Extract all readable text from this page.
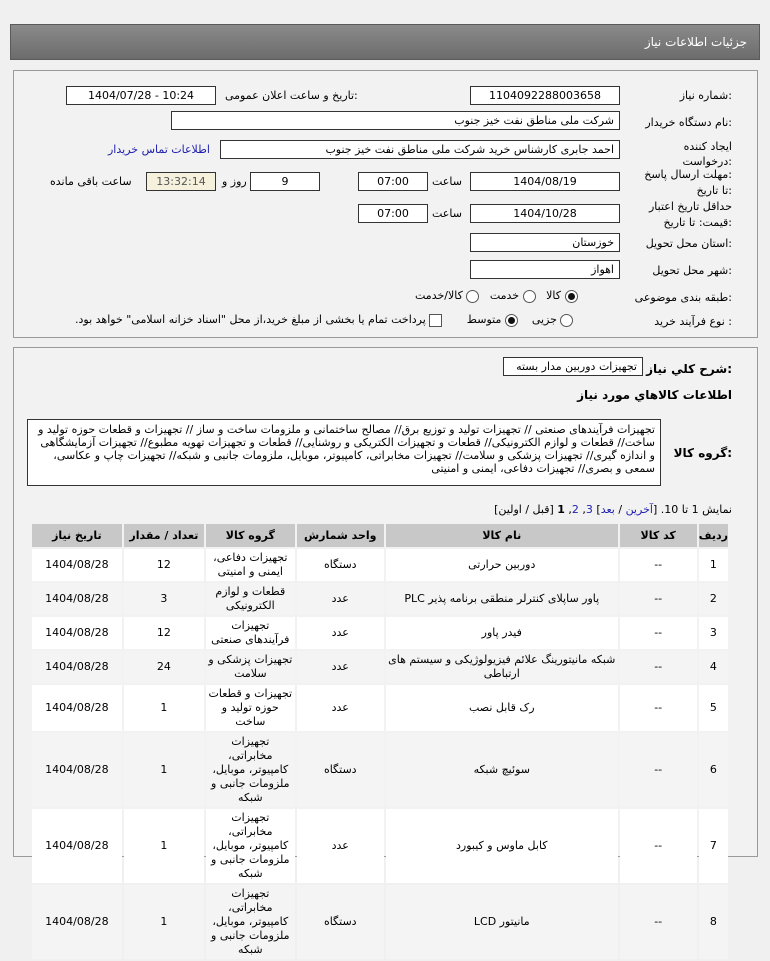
جزئیات اطلاعات نیاز
شماره نیاز:
1104092288003658
تاریخ و ساعت اعلان عمومی:
1404/07/28 - 10:24
نام دستگاه خریدار:
شرکت ملی مناطق نفت خیز جنوب
ایجاد کننده
درخواست:
احمد جابری کارشناس خرید شرکت ملی مناطق نفت خیز جنوب
اطلاعات تماس خریدار
مهلت ارسال پاسخ:
تا تاریخ:
1404/08/19
ساعت
07:00
9
روز و
13:32:14
ساعت باقی مانده
حداقل تاریخ اعتبار
قیمت: تا تاریخ:
1404/10/28
ساعت
07:00
استان محل تحویل:
خوزستان
شهر محل تحویل:
اهواز
طبقه بندی موضوعی:
کالا    خدمت    کالا/خدمت
نوع فرآیند خرید :
جزیی     متوسط        پرداخت تمام یا بخشی از مبلغ خرید،از محل "اسناد خزانه اسلامی" خواهد بود.
شرح کلي نياز:
تجهیزات دوربین مدار بسته
اطلاعات کالاهاي مورد نياز
گروه کالا:
تجهیزات فرآیندهای صنعتی // تجهیزات تولید و توزیع برق// مصالح ساختمانی و ملزومات ساخت و ساز // تجهیزات و قطعات حوزه تولید و ساخت// قطعات و لوازم الکترونیکی// قطعات و تجهیزات الکتریکی و روشنایی// قطعات و تجهیزات تهویه مطبوع// تجهیزات آزمایشگاهی و اندازه گیری// تجهیزات پزشکی و سلامت// تجهیزات مخابراتی، کامپیوتر، موبایل، ملزومات جانبی و شبکه// تجهیزات چاپ و عکاسی، سمعی و بصری// تجهیزات دفاعی، ایمنی و امنیتی
نمایش 1 تا 10. [آخرین / بعد] 3, 2, 1 [قبل / اولین]
ردیف	کد کالا	نام کالا	واحد شمارش	گروه کالا	تعداد / مقدار	تاریخ نیاز
1	--	دوربین حرارتی	دستگاه	تجهیزات دفاعی، ایمنی و امنیتی	12	1404/08/28
2	--	پاور ساپلای کنترلر منطقی برنامه پذیر PLC	عدد	قطعات و لوازم الکترونیکی	3	1404/08/28
3	--	فیدر پاور	عدد	تجهیزات فرآیندهای صنعتی	12	1404/08/28
4	--	شبکه مانیتورینگ علائم فیزیولوژیکی و سیستم های ارتباطی	عدد	تجهیزات پزشکی و سلامت	24	1404/08/28
5	--	رک قابل نصب	عدد	تجهیزات و قطعات حوزه تولید و ساخت	1	1404/08/28
6	--	سوئیچ شبکه	دستگاه	تجهیزات مخابراتی، کامپیوتر، موبایل، ملزومات جانبی و شبکه	1	1404/08/28
7	--	کابل ماوس و کیبورد	عدد	تجهیزات مخابراتی، کامپیوتر، موبایل، ملزومات جانبی و شبکه	1	1404/08/28
8	--	مانیتور LCD	دستگاه	تجهیزات مخابراتی، کامپیوتر، موبایل، ملزومات جانبی و شبکه	1	1404/08/28
